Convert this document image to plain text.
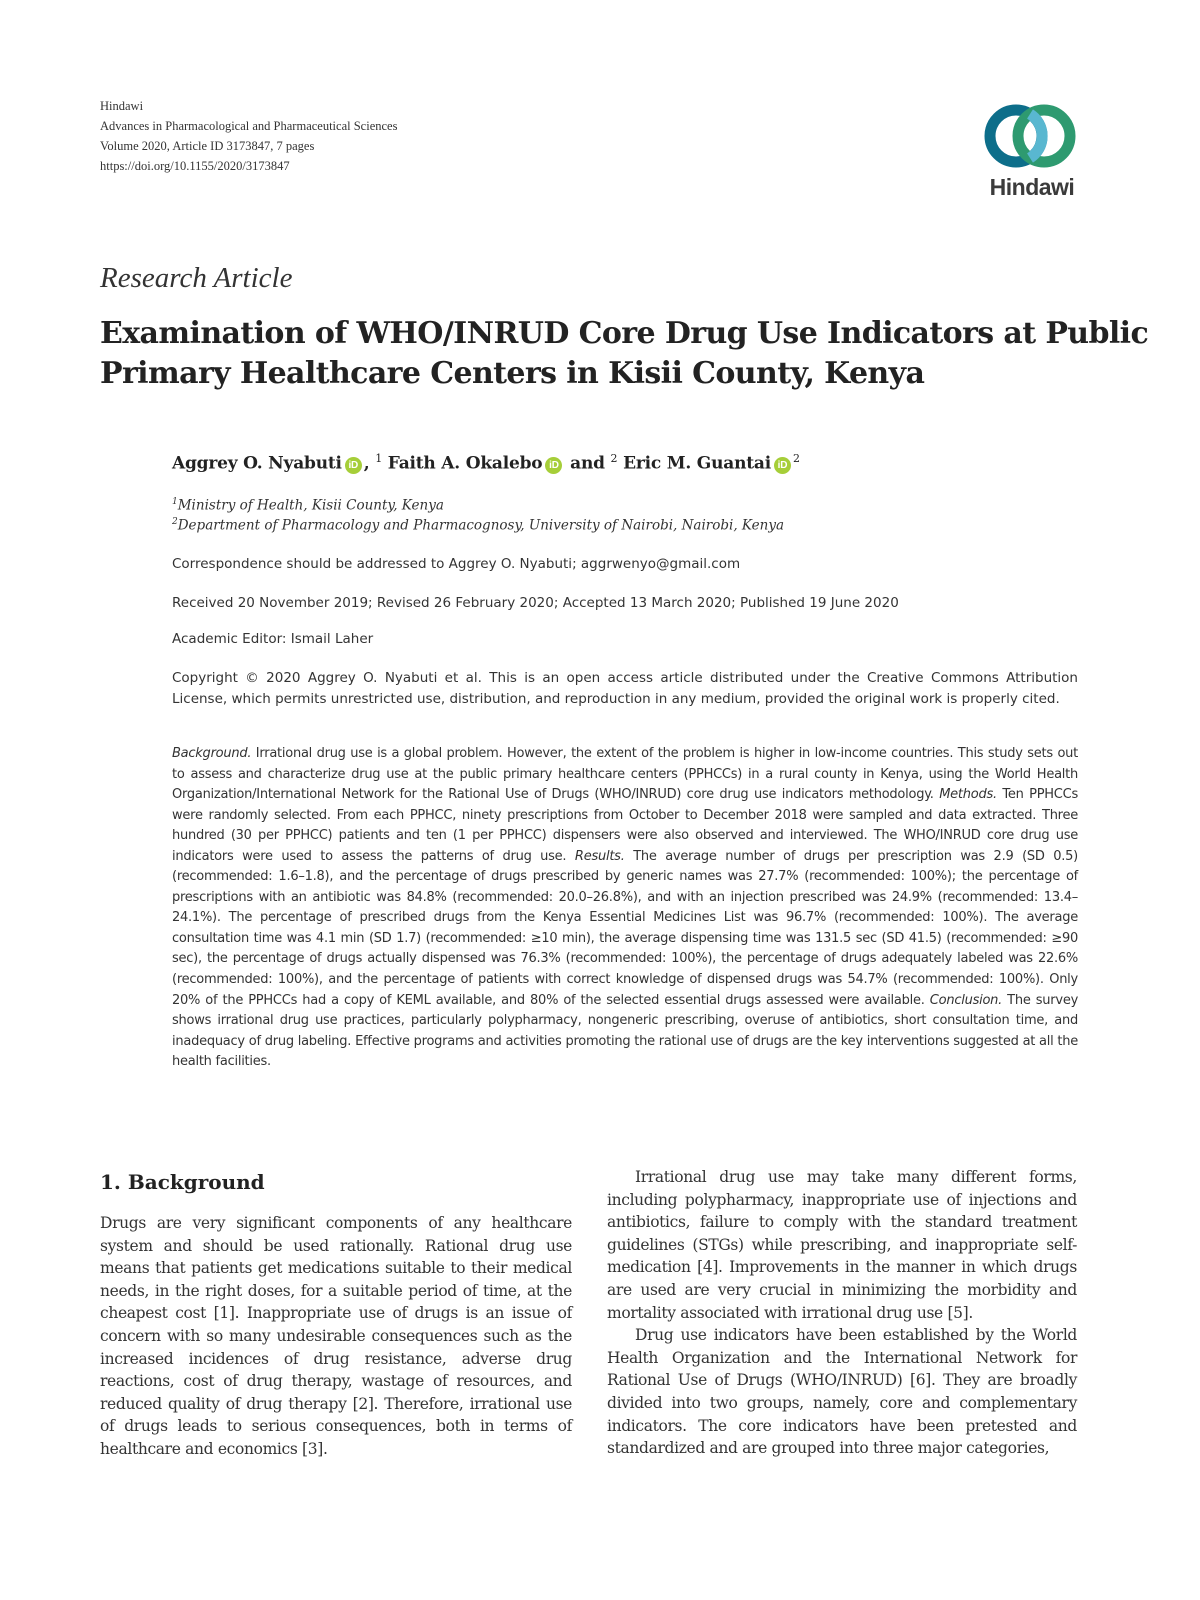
Hindawi
Advances in Pharmacological and Pharmaceutical Sciences
Volume 2020, Article ID 3173847, 7 pages
https://doi.org/10.1155/2020/3173847
Hindawi
Research Article
Examination of WHO/INRUD Core Drug Use Indicators at Public
Primary Healthcare Centers in Kisii County, Kenya
Aggrey O. Nyabuti iD , $^1$ Faith A. Okalebo iD and $^2$ Eric M. Guantai $iD^2$
$^1$Ministry of Health, Kisii County, Kenya
$^2$Department of Pharmacology and Pharmacognosy, University of Nairobi, Nairobi, Kenya
Correspondence should be addressed to Aggrey O. Nyabuti; aggrwenyo@gmail.com
Received 20 November 2019; Revised 26 February 2020; Accepted 13 March 2020; Published 19 June 2020
Academic Editor: Ismail Laher
Copyright © 2020 Aggrey O. Nyabuti et al. This is an open access article distributed under the Creative Commons Attribution License, which permits unrestricted use, distribution, and reproduction in any medium, provided the original work is properly cited.
Background. Irrational drug use is a global problem. However, the extent of the problem is higher in low-income countries. This study sets out to assess and characterize drug use at the public primary healthcare centers (PPHCCs) in a rural county in Kenya, using the World Health Organization/International Network for the Rational Use of Drugs (WHO/INRUD) core drug use indicators methodology. Methods. Ten PPHCCs were randomly selected. From each PPHCC, ninety prescriptions from October to December 2018 were sampled and data extracted. Three hundred (30 per PPHCC) patients and ten (1 per PPHCC) dispensers were also observed and interviewed. The WHO/INRUD core drug use indicators were used to assess the patterns of drug use. Results. The average number of drugs per prescription was 2.9 (SD 0.5) (recommended: 1.6–1.8), and the percentage of drugs prescribed by generic names was 27.7% (recommended: 100%); the percentage of prescriptions with an antibiotic was 84.8% (recommended: 20.0–26.8%), and with an injection prescribed was 24.9% (recommended: 13.4–24.1%). The percentage of prescribed drugs from the Kenya Essential Medicines List was 96.7% (recommended: 100%). The average consultation time was 4.1 min (SD 1.7) (recommended: ≥10 min), the average dispensing time was 131.5 sec (SD 41.5) (recommended: ≥90 sec), the percentage of drugs actually dispensed was 76.3% (recommended: 100%), the percentage of drugs adequately labeled was 22.6% (recommended: 100%), and the percentage of patients with correct knowledge of dispensed drugs was 54.7% (recommended: 100%). Only 20% of the PPHCCs had a copy of KEML available, and 80% of the selected essential drugs assessed were available. Conclusion. The survey shows irrational drug use practices, particularly polypharmacy, nongeneric prescribing, overuse of antibiotics, short consultation time, and inadequacy of drug labeling. Effective programs and activities promoting the rational use of drugs are the key interventions suggested at all the health facilities.
1. Background

Drugs are very significant components of any healthcare system and should be used rationally. Rational drug use means that patients get medications suitable to their medical needs, in the right doses, for a suitable period of time, at the cheapest cost [1]. Inappropriate use of drugs is an issue of concern with so many undesirable consequences such as the increased incidences of drug resistance, adverse drug reactions, cost of drug therapy, wastage of resources, and reduced quality of drug therapy [2]. Therefore, irrational use of drugs leads to serious consequences, both in terms of healthcare and economics [3].

Irrational drug use may take many different forms, including polypharmacy, inappropriate use of injections and antibiotics, failure to comply with the standard treatment guidelines (STGs) while prescribing, and inappropriate self-medication [4]. Improvements in the manner in which drugs are used are very crucial in minimizing the morbidity and mortality associated with irrational drug use [5].

Drug use indicators have been established by the World Health Organization and the International Network for Rational Use of Drugs (WHO/INRUD) [6]. They are broadly divided into two groups, namely, core and complementary indicators. The core indicators have been pretested and standardized and are grouped into three major categories,
